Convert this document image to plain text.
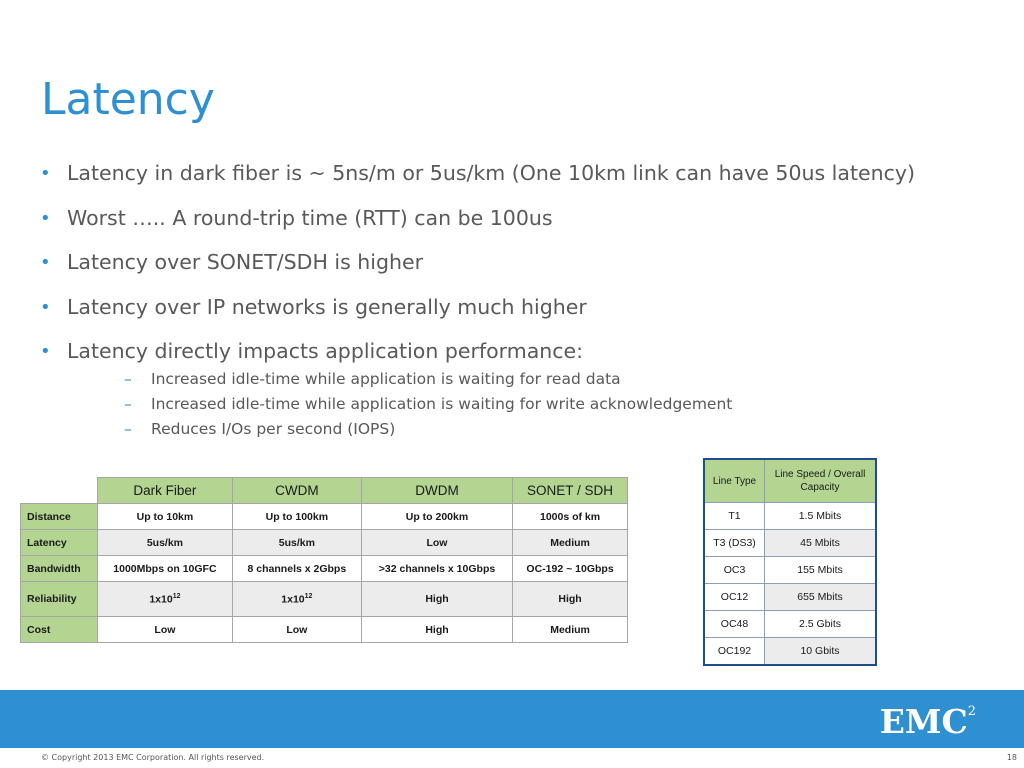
Latency
• Latency in dark fiber is ~ 5ns/m or 5us/km (One 10km link can have 50us latency)
• Worst ….. A round-trip time (RTT) can be 100us
• Latency over SONET/SDH is higher
• Latency over IP networks is generally much higher
• Latency directly impacts application performance:
– Increased idle-time while application is waiting for read data
– Increased idle-time while application is waiting for write acknowledgement
– Reduces I/Os per second (IOPS)
	Dark Fiber	CWDM	DWDM	SONET / SDH
Distance	Up to 10km	Up to 100km	Up to 200km	1000s of km
Latency	5us/km	5us/km	Low	Medium
Bandwidth	1000Mbps on 10GFC	8 channels x 2Gbps	>32 channels x 10Gbps	OC-192 ~ 10Gbps
Reliability	$1x10^{12}$	$1x10^{12}$	High	High
Cost	Low	Low	High	Medium
Line Type	Line Speed / Overall Capacity
T1	1.5 Mbits
T3 (DS3)	45 Mbits
OC3	155 Mbits
OC12	655 Mbits
OC48	2.5 Gbits
OC192	10 Gbits
EMC$^2$
© Copyright 2013 EMC Corporation. All rights reserved.	18
